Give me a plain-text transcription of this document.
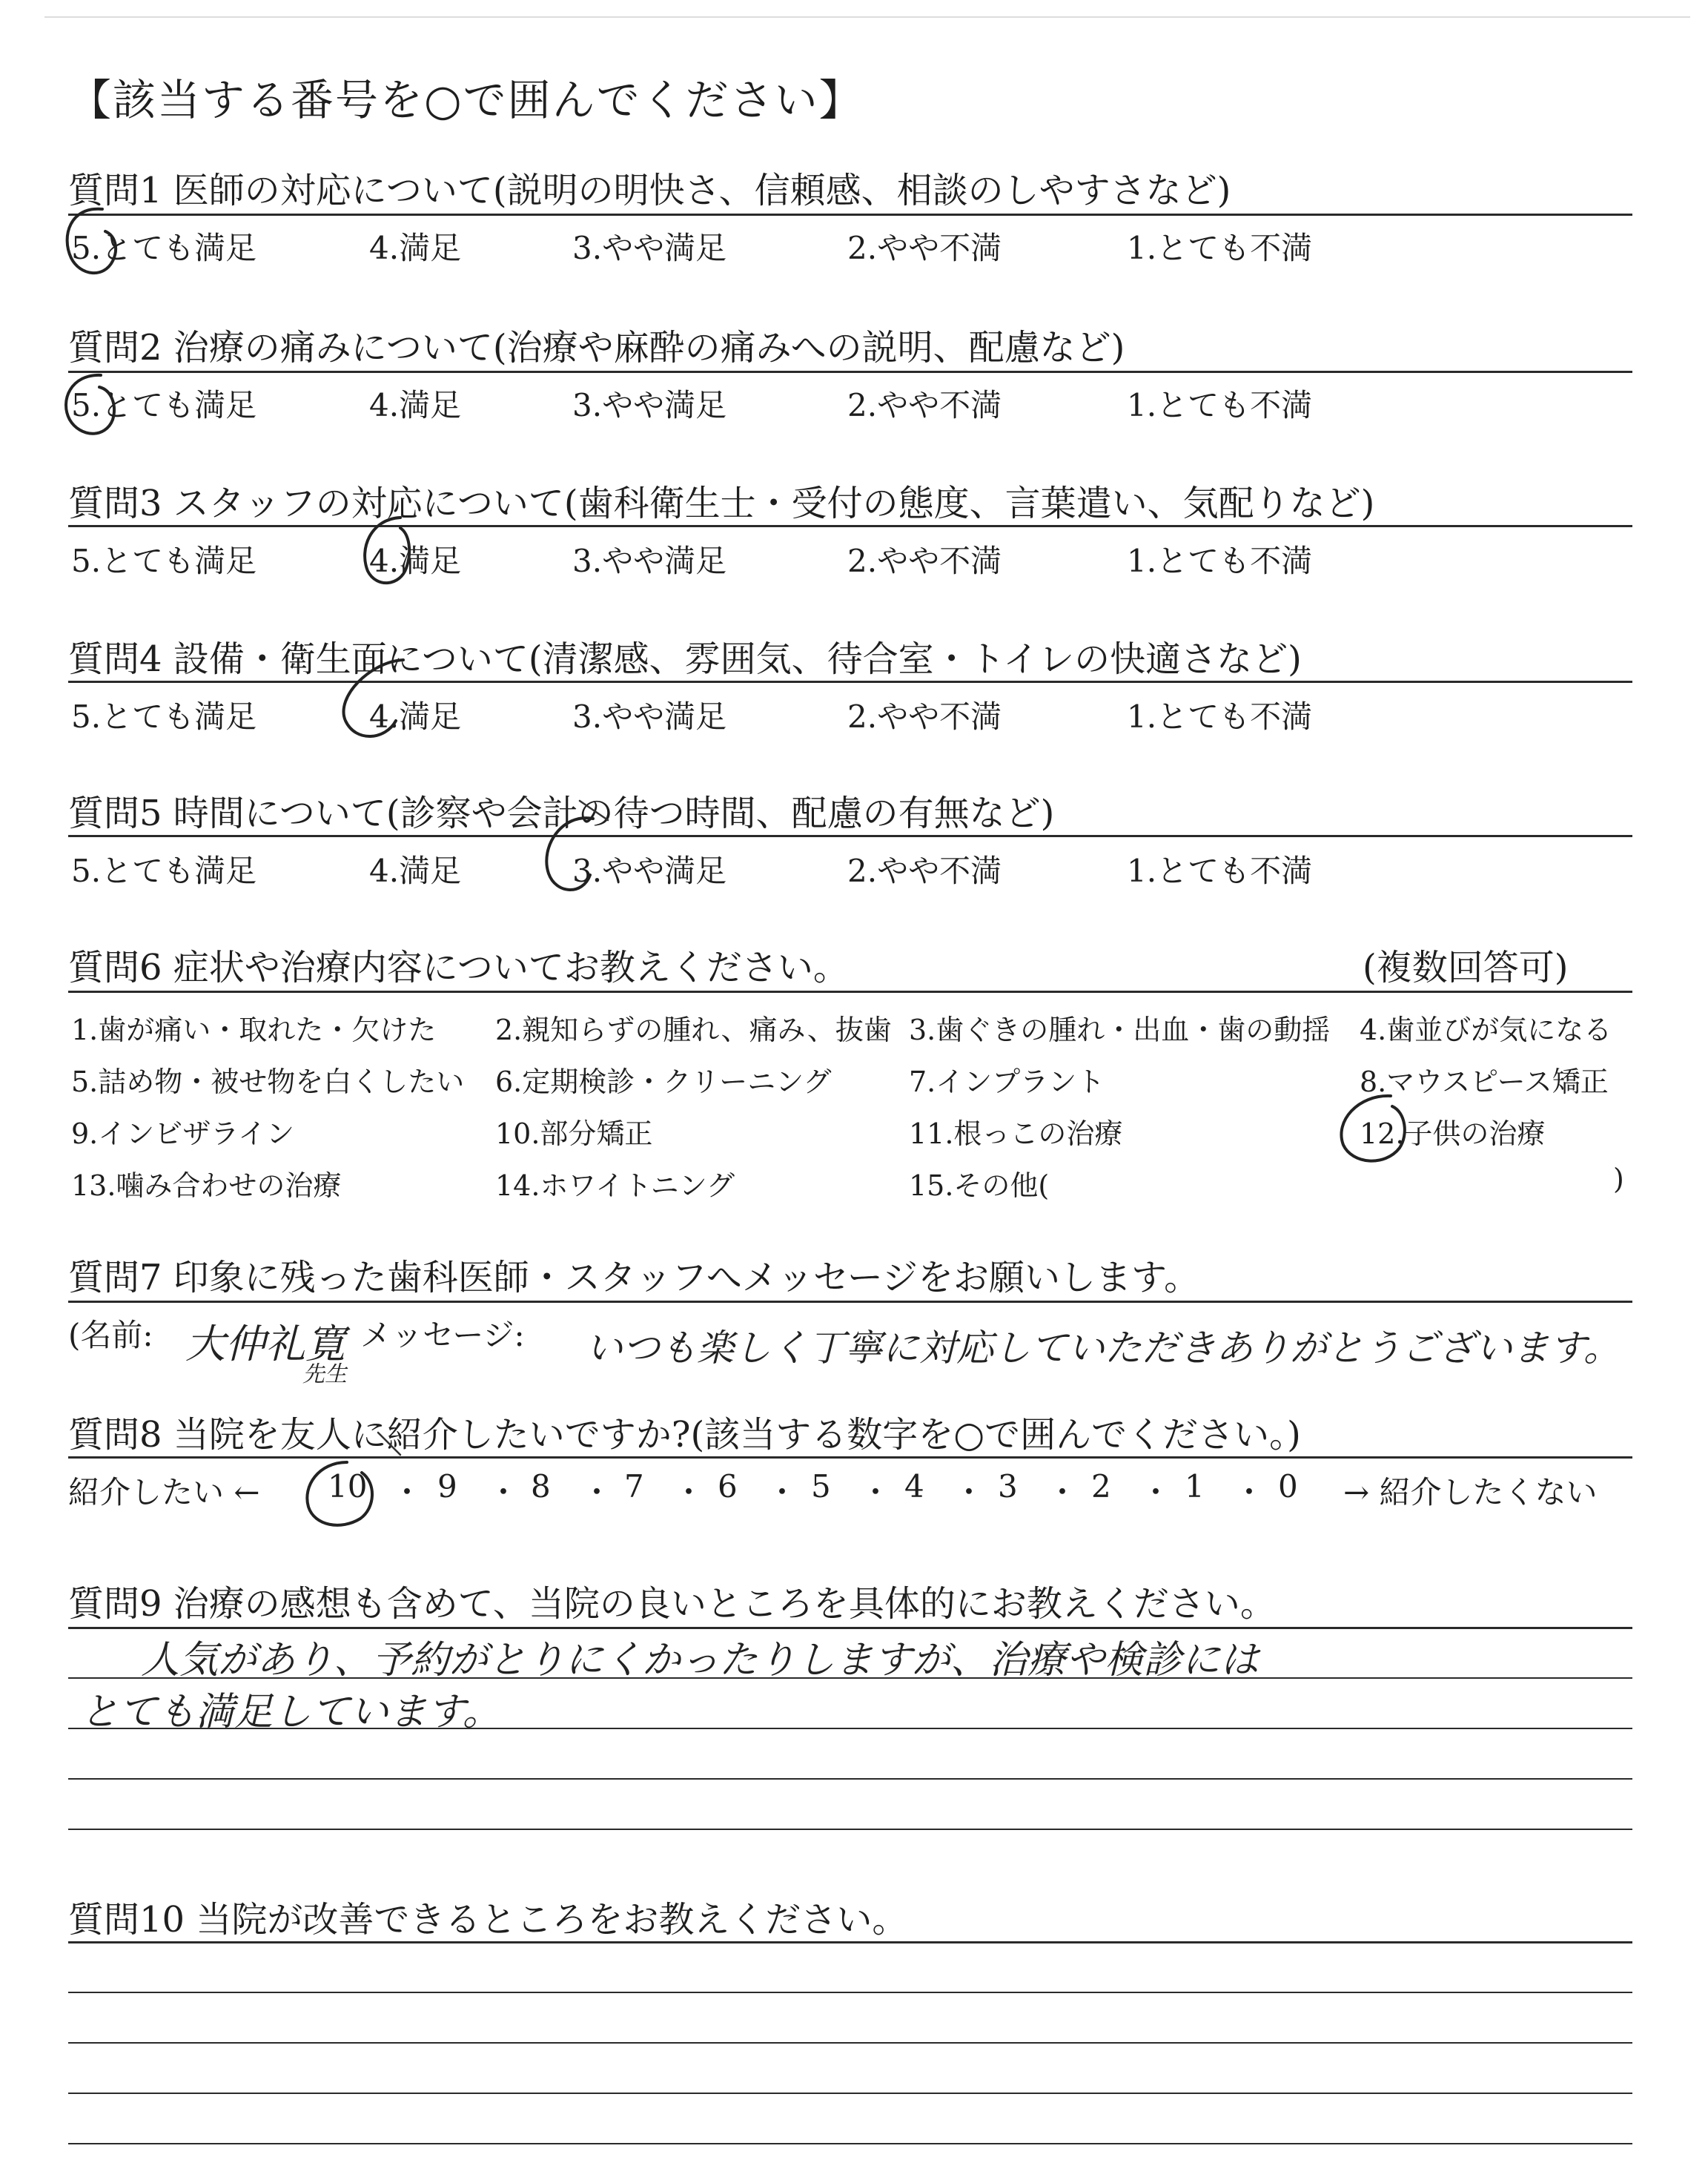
【該当する番号を○で囲んでください】
質問1 医師の対応について(説明の明快さ、信頼感、相談のしやすさなど)
5.とても満足	4.満足	3.やや満足	2.やや不満	1.とても不満
質問2 治療の痛みについて(治療や麻酔の痛みへの説明、配慮など)
5.とても満足	4.満足	3.やや満足	2.やや不満	1.とても不満
質問3 スタッフの対応について(歯科衛生士・受付の態度、言葉遣い、気配りなど)
5.とても満足	4.満足	3.やや満足	2.やや不満	1.とても不満
質問4 設備・衛生面について(清潔感、雰囲気、待合室・トイレの快適さなど)
5.とても満足	4.満足	3.やや満足	2.やや不満	1.とても不満
質問5 時間について(診察や会計の待つ時間、配慮の有無など)
5.とても満足	4.満足	3.やや満足	2.やや不満	1.とても不満
質問6 症状や治療内容についてお教えください。	(複数回答可)
1.歯が痛い・取れた・欠けた 2.親知らずの腫れ、痛み、抜歯 3.歯ぐきの腫れ・出血・歯の動揺 4.歯並びが気になる
5.詰め物・被せ物を白くしたい 6.定期検診・クリーニング	7.インプラント	8.マウスピース矯正
9.インビザライン	10.部分矯正	11.根っこの治療	12.子供の治療
13.噛み合わせの治療	14.ホワイトニング	15.その他(	)
質問7 印象に残った歯科医師・スタッフへメッセージをお願いします。
(名前: 大仲礼寛
先生
メッセージ: いつも楽しく丁寧に対応していただきありがとうございます。
質問8 当院を友人に紹介したいですか?(該当する数字を○で囲んでください。)
紹介したい ← 10 ・ 9 ・ 8 ・ 7 ・ 6 ・ 5 ・ 4 ・ 3 ・ 2 ・ 1 ・ 0 → 紹介したくない
質問9 治療の感想も含めて、当院の良いところを具体的にお教えください。
人気があり、予約がとりにくかったりしますが、治療や検診には
とても満足しています。
質問10 当院が改善できるところをお教えください。
